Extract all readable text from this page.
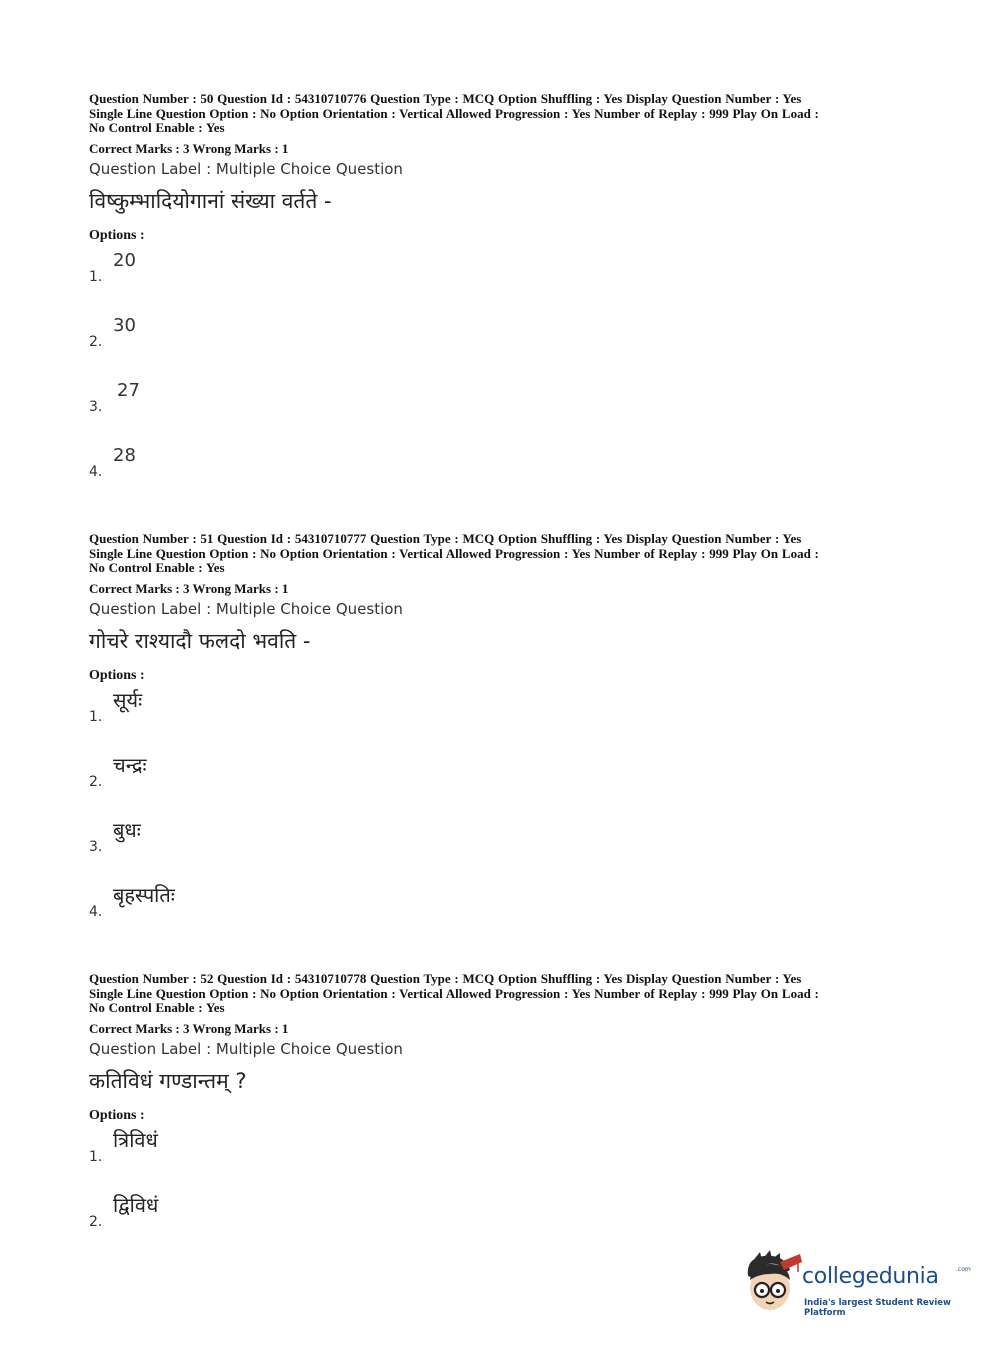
Question Number : 50 Question Id : 54310710776 Question Type : MCQ Option Shuffling : Yes Display Question Number : Yes

Single Line Question Option : No Option Orientation : Vertical Allowed Progression : Yes Number of Replay : 999 Play On Load :

No Control Enable : Yes

Correct Marks : 3 Wrong Marks : 1
Question Label : Multiple Choice Question
विष्कुम्भादियोगानां संख्या वर्तते -
Options :
1.
20
2.
30
3.
27
4.
28

Question Number : 51 Question Id : 54310710777 Question Type : MCQ Option Shuffling : Yes Display Question Number : Yes

Single Line Question Option : No Option Orientation : Vertical Allowed Progression : Yes Number of Replay : 999 Play On Load :

No Control Enable : Yes

Correct Marks : 3 Wrong Marks : 1
Question Label : Multiple Choice Question
गोचरे राश्यादौ फलदो भवति -
Options :
1.
सूर्यः
2.
चन्द्रः
3.
बुधः
4.
बृहस्पतिः

Question Number : 52 Question Id : 54310710778 Question Type : MCQ Option Shuffling : Yes Display Question Number : Yes

Single Line Question Option : No Option Orientation : Vertical Allowed Progression : Yes Number of Replay : 999 Play On Load :

No Control Enable : Yes

Correct Marks : 3 Wrong Marks : 1
Question Label : Multiple Choice Question
कतिविधं गण्डान्तम् ?
Options :
1.
त्रिविधं
2.
द्विविधं
collegedunia	.com
India's largest Student Review Platform
